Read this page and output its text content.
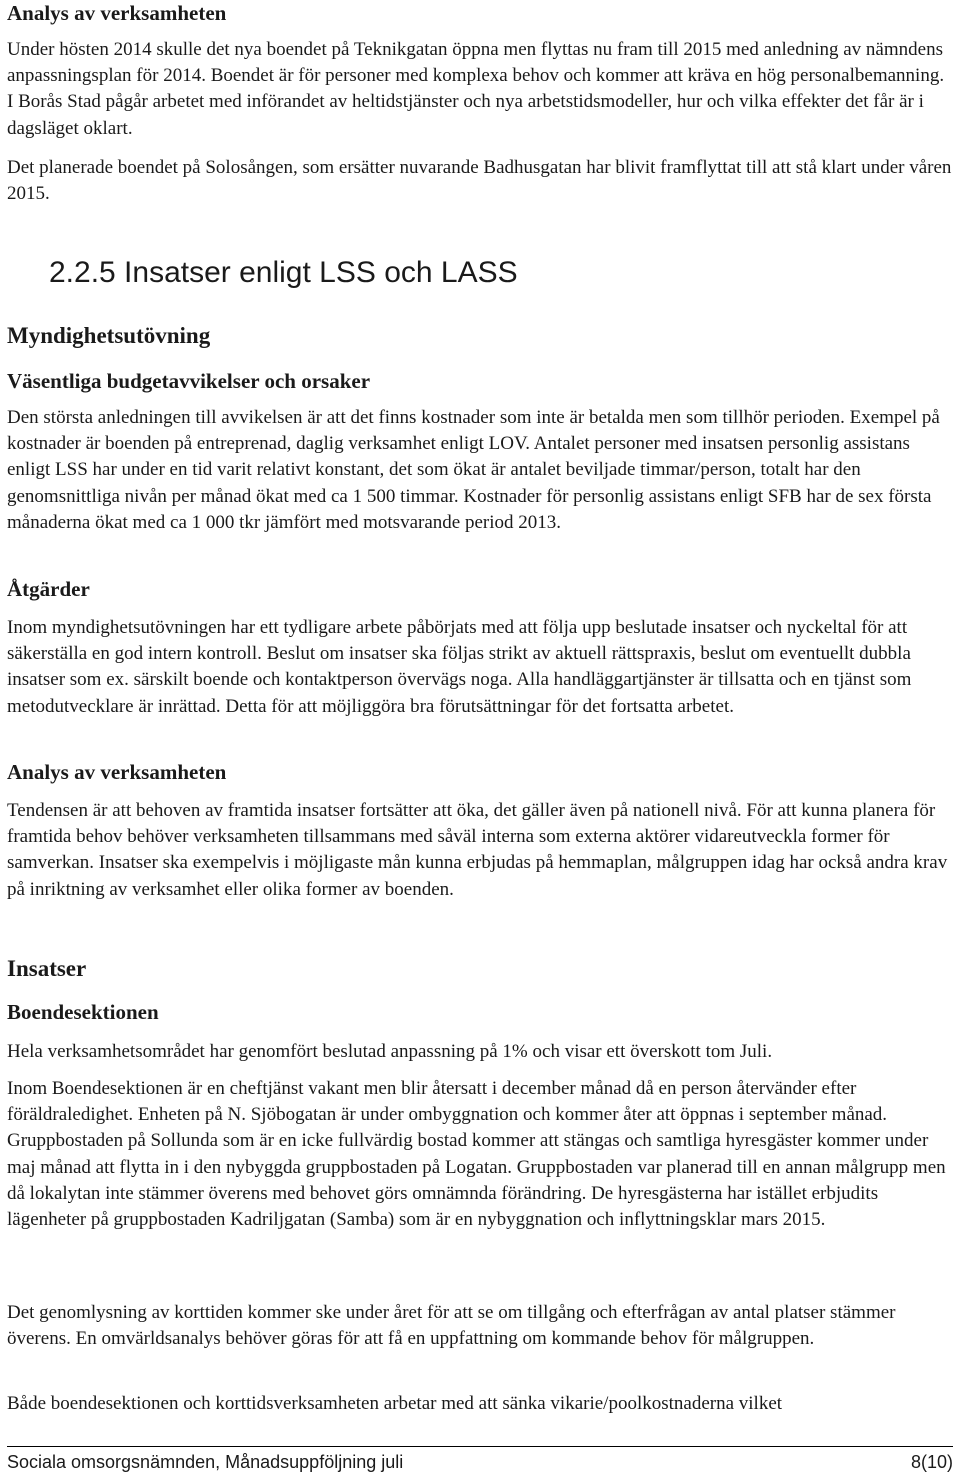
Analys av verksamheten

Under hösten 2014 skulle det nya boendet på Teknikgatan öppna men flyttas nu fram till 2015 med anledning av nämndens anpassningsplan för 2014. Boendet är för personer med komplexa behov och kommer att kräva en hög personalbemanning. I Borås Stad pågår arbetet med införandet av heltidstjänster och nya arbetstidsmodeller, hur och vilka effekter det får är i dagsläget oklart.

Det planerade boendet på Solosången, som ersätter nuvarande Badhusgatan har blivit framflyttat till att stå klart under våren 2015.

2.2.5 Insatser enligt LSS och LASS

Myndighetsutövning

Väsentliga budgetavvikelser och orsaker

Den största anledningen till avvikelsen är att det finns kostnader som inte är betalda men som tillhör perioden. Exempel på kostnader är boenden på entreprenad, daglig verksamhet enligt LOV. Antalet personer med insatsen personlig assistans enligt LSS har under en tid varit relativt konstant, det som ökat är antalet beviljade timmar/person, totalt har den genomsnittliga nivån per månad ökat med ca 1 500 timmar. Kostnader för personlig assistans enligt SFB har de sex första månaderna ökat med ca 1 000 tkr jämfört med motsvarande period 2013.

Åtgärder

Inom myndighetsutövningen har ett tydligare arbete påbörjats med att följa upp beslutade insatser och nyckeltal för att säkerställa en god intern kontroll. Beslut om insatser ska följas strikt av aktuell rättspraxis, beslut om eventuellt dubbla insatser som ex. särskilt boende och kontaktperson övervägs noga. Alla handläggartjänster är tillsatta och en tjänst som metodutvecklare är inrättad. Detta för att möjliggöra bra förutsättningar för det fortsatta arbetet.

Analys av verksamheten

Tendensen är att behoven av framtida insatser fortsätter att öka, det gäller även på nationell nivå. För att kunna planera för framtida behov behöver verksamheten tillsammans med såväl interna som externa aktörer vidareutveckla former för samverkan. Insatser ska exempelvis i möjligaste mån kunna erbjudas på hemmaplan, målgruppen idag har också andra krav på inriktning av verksamhet eller olika former av boenden.

Insatser

Boendesektionen

Hela verksamhetsområdet har genomfört beslutad anpassning på 1% och visar ett överskott tom Juli.

Inom Boendesektionen är en cheftjänst vakant men blir återsatt i december månad då en person återvänder efter föräldraledighet. Enheten på N. Sjöbogatan är under ombyggnation och kommer åter att öppnas i september månad. Gruppbostaden på Sollunda som är en icke fullvärdig bostad kommer att stängas och samtliga hyresgäster kommer under maj månad att flytta in i den nybyggda gruppbostaden på Logatan. Gruppbostaden var planerad till en annan målgrupp men då lokalytan inte stämmer överens med behovet görs omnämnda förändring. De hyresgästerna har istället erbjudits lägenheter på gruppbostaden Kadriljgatan (Samba) som är en nybyggnation och inflyttningsklar mars 2015.

Det genomlysning av korttiden kommer ske under året för att se om tillgång och efterfrågan av antal platser stämmer överens. En omvärldsanalys behöver göras för att få en uppfattning om kommande behov för målgruppen.

Både boendesektionen och korttidsverksamheten arbetar med att sänka vikarie/poolkostnaderna vilket

Sociala omsorgsnämnden, Månadsuppföljning juli	8(10)
